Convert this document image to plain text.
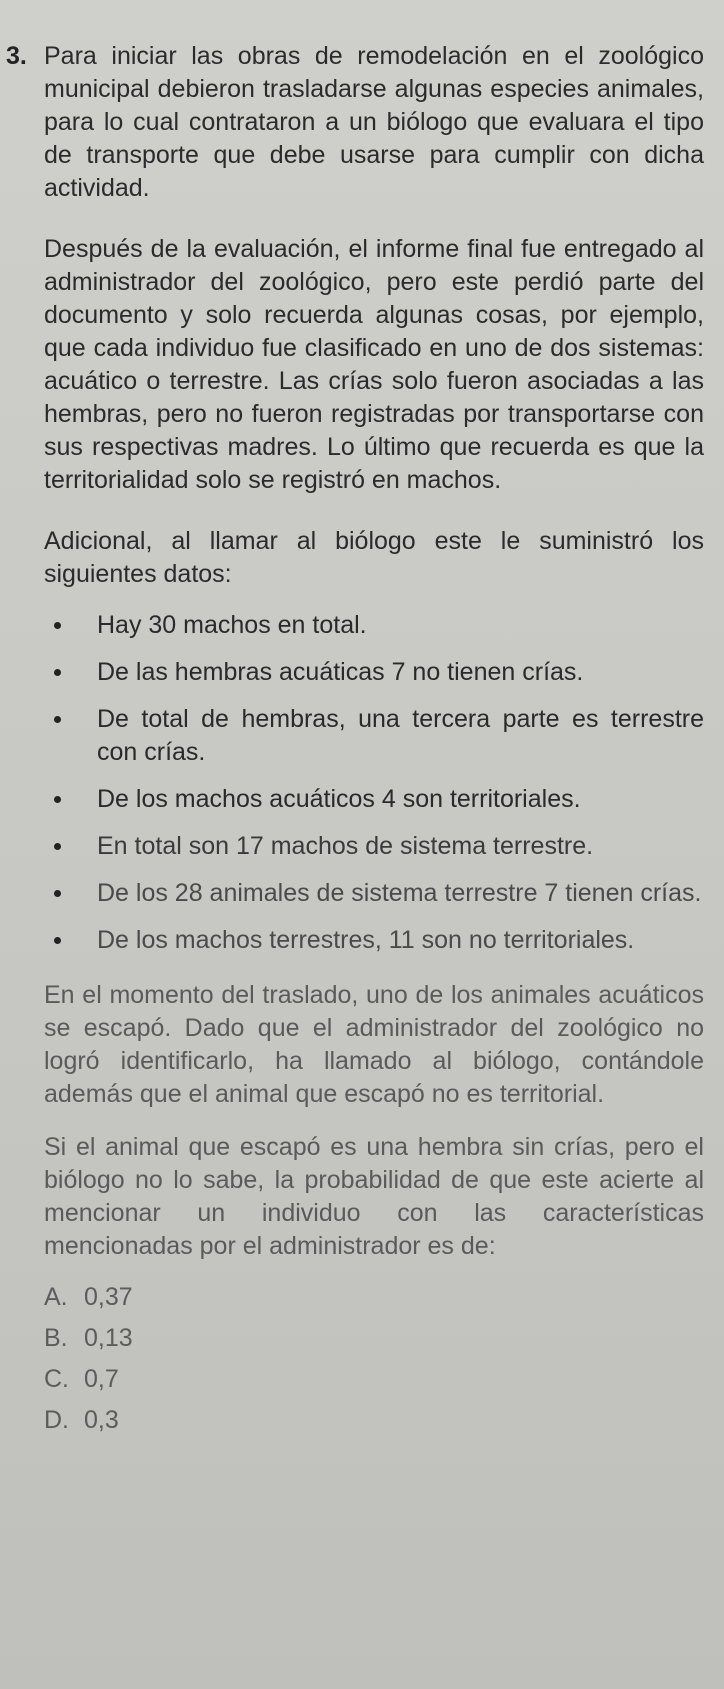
3. Para iniciar las obras de remodelación en el zoológico municipal debieron trasladarse algunas especies animales, para lo cual contrataron a un biólogo que evaluara el tipo de transporte que debe usarse para cumplir con dicha actividad.

Después de la evaluación, el informe final fue entregado al administrador del zoológico, pero este perdió parte del documento y solo recuerda algunas cosas, por ejemplo, que cada individuo fue clasificado en uno de dos sistemas: acuático o terrestre. Las crías solo fueron asociadas a las hembras, pero no fueron registradas por transportarse con sus respectivas madres. Lo último que recuerda es que la territorialidad solo se registró en machos.

Adicional, al llamar al biólogo este le suministró los siguientes datos:

Hay 30 machos en total.
De las hembras acuáticas 7 no tienen crías.
De total de hembras, una tercera parte es terrestre con crías.
De los machos acuáticos 4 son territoriales.
En total son 17 machos de sistema terrestre.
De los 28 animales de sistema terrestre 7 tienen crías.
De los machos terrestres, 11 son no territoriales.

En el momento del traslado, uno de los animales acuáticos se escapó. Dado que el administrador del zoológico no logró identificarlo, ha llamado al biólogo, contándole además que el animal que escapó no es territorial.

Si el animal que escapó es una hembra sin crías, pero el biólogo no lo sabe, la probabilidad de que este acierte al mencionar un individuo con las características mencionadas por el administrador es de:

A. 0,37
B. 0,13
C. 0,7
D. 0,3
